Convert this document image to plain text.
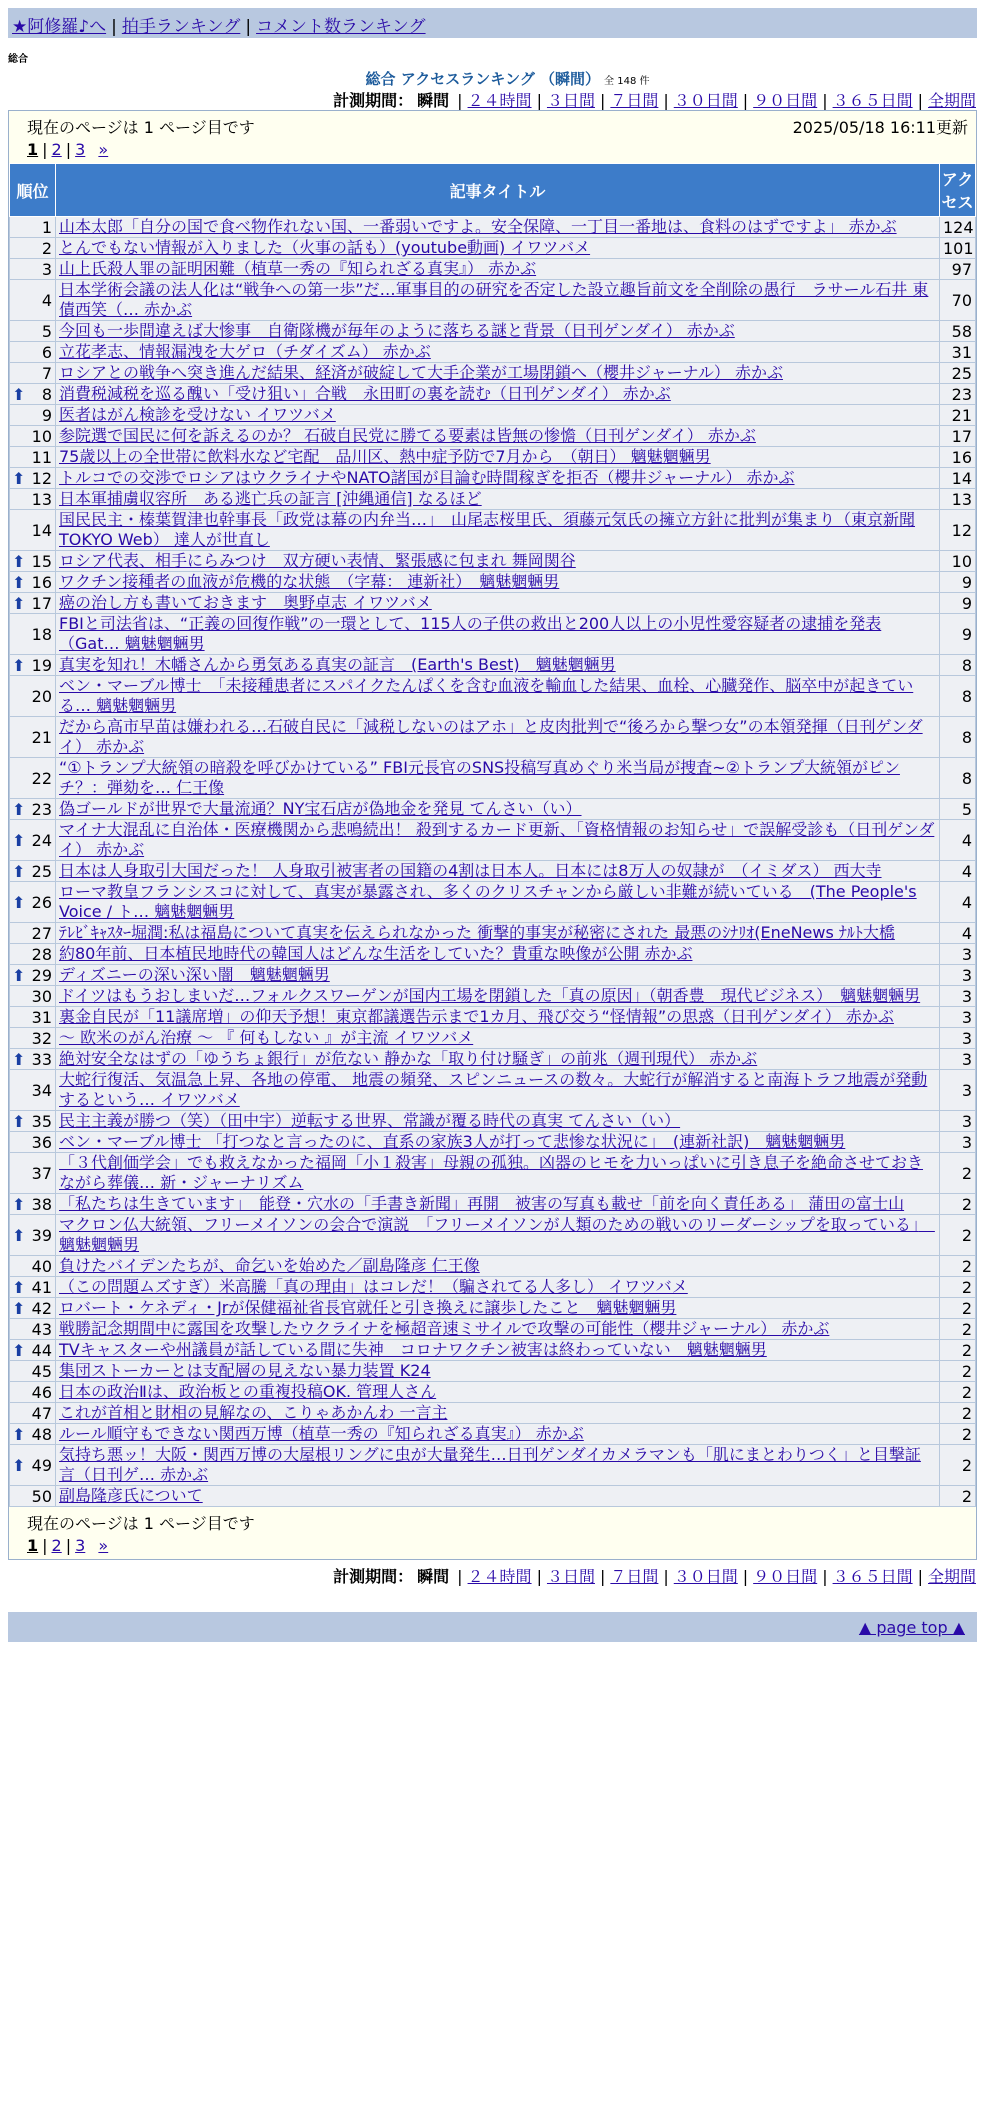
★阿修羅♪へ | 拍手ランキング | コメント数ランキング
総合
総合 アクセスランキング （瞬間） 全 148 件
計測期間： 瞬間 | ２４時間 | ３日間 | ７日間 | ３０日間 | ９０日間 | ３６５日間 | 全期間
現在のページは 1 ページ目です	2025/05/18 16:11更新
1 | 2 | 3 »
順位	記事タイトル	アクセス
1	山本太郎「自分の国で食べ物作れない国、一番弱いですよ。安全保障、一丁目一番地は、食料のはずですよ」 赤かぶ	124
2	とんでもない情報が入りました（火事の話も）(youtube動画) イワツバメ	101
3	山上氏殺人罪の証明困難（植草一秀の『知られざる真実』） 赤かぶ	97
4	日本学術会議の法人化は“戦争への第一歩”だ…軍事目的の研究を否定した設立趣旨前文を全削除の愚行　ラサール石井 東債西笑（… 赤かぶ	70
5	今回も一歩間違えば大惨事　自衛隊機が毎年のように落ちる謎と背景（日刊ゲンダイ） 赤かぶ	58
6	立花孝志、情報漏洩を大ゲロ（チダイズム） 赤かぶ	31
7	ロシアとの戦争へ突き進んだ結果、経済が破綻して大手企業が工場閉鎖へ（櫻井ジャーナル） 赤かぶ	25

⬆ 8	消費税減税を巡る醜い「受け狙い」合戦　永田町の裏を読む（日刊ゲンダイ） 赤かぶ	23
9	医者はがん検診を受けない イワツバメ	21
10	参院選で国民に何を訴えるのか？ 石破自民党に勝てる要素は皆無の惨憺（日刊ゲンダイ） 赤かぶ	17
11	75歳以上の全世帯に飲料水など宅配　品川区、熱中症予防で7月から　（朝日） 魑魅魍魎男	16

⬆ 12	トルコでの交渉でロシアはウクライナやNATO諸国が目論む時間稼ぎを拒否（櫻井ジャーナル） 赤かぶ	14
13	日本軍捕虜収容所　ある逃亡兵の証言 [沖縄通信] なるほど	13
14	国民民主・榛葉賀津也幹事長「政党は幕の内弁当…」　山尾志桜里氏、須藤元気氏の擁立方針に批判が集まり（東京新聞TOKYO Web） 達人が世直し	12

⬆ 15	ロシア代表、相手にらみつけ　双方硬い表情、緊張感に包まれ 舞岡関谷	10

⬆ 16	ワクチン接種者の血液が危機的な状態　（字幕： 連新社）　魑魅魍魎男	9

⬆ 17	癌の治し方も書いておきます　奥野卓志 イワツバメ	9
18	FBIと司法省は、“正義の回復作戦”の一環として、115人の子供の救出と200人以上の小児性愛容疑者の逮捕を発表（Gat… 魑魅魍魎男	9

⬆ 19	真実を知れ！木幡さんから勇気ある真実の証言　(Earth's Best)　魑魅魍魎男	8
20	ベン・マーブル博士　「未接種患者にスパイクたんぱくを含む血液を輸血した結果、血栓、心臓発作、脳卒中が起きている… 魑魅魍魎男	8
21	だから高市早苗は嫌われる…石破自民に「減税しないのはアホ」と皮肉批判で“後ろから撃つ女”の本領発揮（日刊ゲンダイ） 赤かぶ	8
22	“①トランプ大統領の暗殺を呼びかけている” FBI元長官のSNS投稿写真めぐり米当局が捜査~②トランプ大統領がピンチ？：弾劾を… 仁王像	8

⬆ 23	偽ゴールドが世界で大量流通？NY宝石店が偽地金を発見 てんさい（い）	5

⬆ 24	マイナ大混乱に自治体・医療機関から悲鳴続出！ 殺到するカード更新、「資格情報のお知らせ」で誤解受診も（日刊ゲンダイ） 赤かぶ	4

⬆ 25	日本は人身取引大国だった！ 人身取引被害者の国籍の4割は日本人。日本には8万人の奴隷が　（イミダス） 西大寺	4

⬆ 26	ローマ教皇フランシスコに対して、真実が暴露され、多くのクリスチャンから厳しい非難が続いている　(The People's Voice / ト… 魑魅魍魎男	4
27	ﾃﾚﾋﾞｷｬｽﾀｰ堀潤:私は福島について真実を伝えられなかった 衝撃的事実が秘密にされた 最悪のｼﾅﾘｵ(EneNews ﾅﾙﾄ大橋	4
28	約80年前、日本植民地時代の韓国人はどんな生活をしていた？貴重な映像が公開 赤かぶ	3

⬆ 29	ディズニーの深い深い闇　魑魅魍魎男	3
30	ドイツはもうおしまいだ…フォルクスワーゲンが国内工場を閉鎖した「真の原因」（朝香豊　現代ビジネス）　魑魅魍魎男	3
31	裏金自民が「11議席増」の仰天予想！東京都議選告示まで1カ月、飛び交う“怪情報”の思惑（日刊ゲンダイ） 赤かぶ	3
32	～ 欧米のがん治療 ～ 『 何もしない 』が主流 イワツバメ	3

⬆ 33	絶対安全なはずの「ゆうちょ銀行」が危ない 静かな「取り付け騒ぎ」の前兆（週刊現代） 赤かぶ	3
34	大蛇行復活、気温急上昇、各地の停電、 地震の頻発、スピンニュースの数々。大蛇行が解消すると南海トラフ地震が発動するという… イワツバメ	3

⬆ 35	民主主義が勝つ（笑）（田中宇）逆転する世界、常識が覆る時代の真実 てんさい（い）	3
36	ベン・マーブル博士 「打つなと言ったのに、直系の家族3人が打って悲惨な状況に」　(連新社訳)　魑魅魍魎男	3
37	「３代創価学会」でも救えなかった福岡「小１殺害」母親の孤独。凶器のヒモを力いっぱいに引き息子を絶命させておきながら葬儀… 新・ジャーナリズム	2

⬆ 38	「私たちは生きています」　能登・穴水の「手書き新聞」再開　被害の写真も載せ「前を向く責任ある」 蒲田の富士山	2

⬆ 39	マクロン仏大統領、フリーメイソンの会合で演説　「フリーメイソンが人類のための戦いのリーダーシップを取っている」　魑魅魍魎男	2
40	負けたバイデンたちが、命乞いを始めた／副島隆彦 仁王像	2

⬆ 41	（この問題ムズすぎ）米高騰「真の理由」はコレだ！（騙されてる人多し） イワツバメ	2

⬆ 42	ロバート・ケネディ・Jrが保健福祉省長官就任と引き換えに譲歩したこと　魑魅魍魎男	2
43	戦勝記念期間中に露国を攻撃したウクライナを極超音速ミサイルで攻撃の可能性（櫻井ジャーナル） 赤かぶ	2

⬆ 44	TVキャスターや州議員が話している間に失神　コロナワクチン被害は終わっていない　魑魅魍魎男	2
45	集団ストーカーとは支配層の見えない暴力装置 K24	2
46	日本の政治Ⅱは、政治板との重複投稿OK. 管理人さん	2
47	これが首相と財相の見解なの、こりゃあかんわ 一言主	2

⬆ 48	ルール順守もできない関西万博（植草一秀の『知られざる真実』） 赤かぶ	2

⬆ 49	気持ち悪ッ！大阪・関西万博の大屋根リングに虫が大量発生…日刊ゲンダイカメラマンも「肌にまとわりつく」と目撃証言（日刊ゲ… 赤かぶ	2
50	副島隆彦氏について	2
現在のページは 1 ページ目です
1 | 2 | 3 »
計測期間： 瞬間 | ２４時間 | ３日間 | ７日間 | ３０日間 | ９０日間 | ３６５日間 | 全期間
▲ page top ▲
